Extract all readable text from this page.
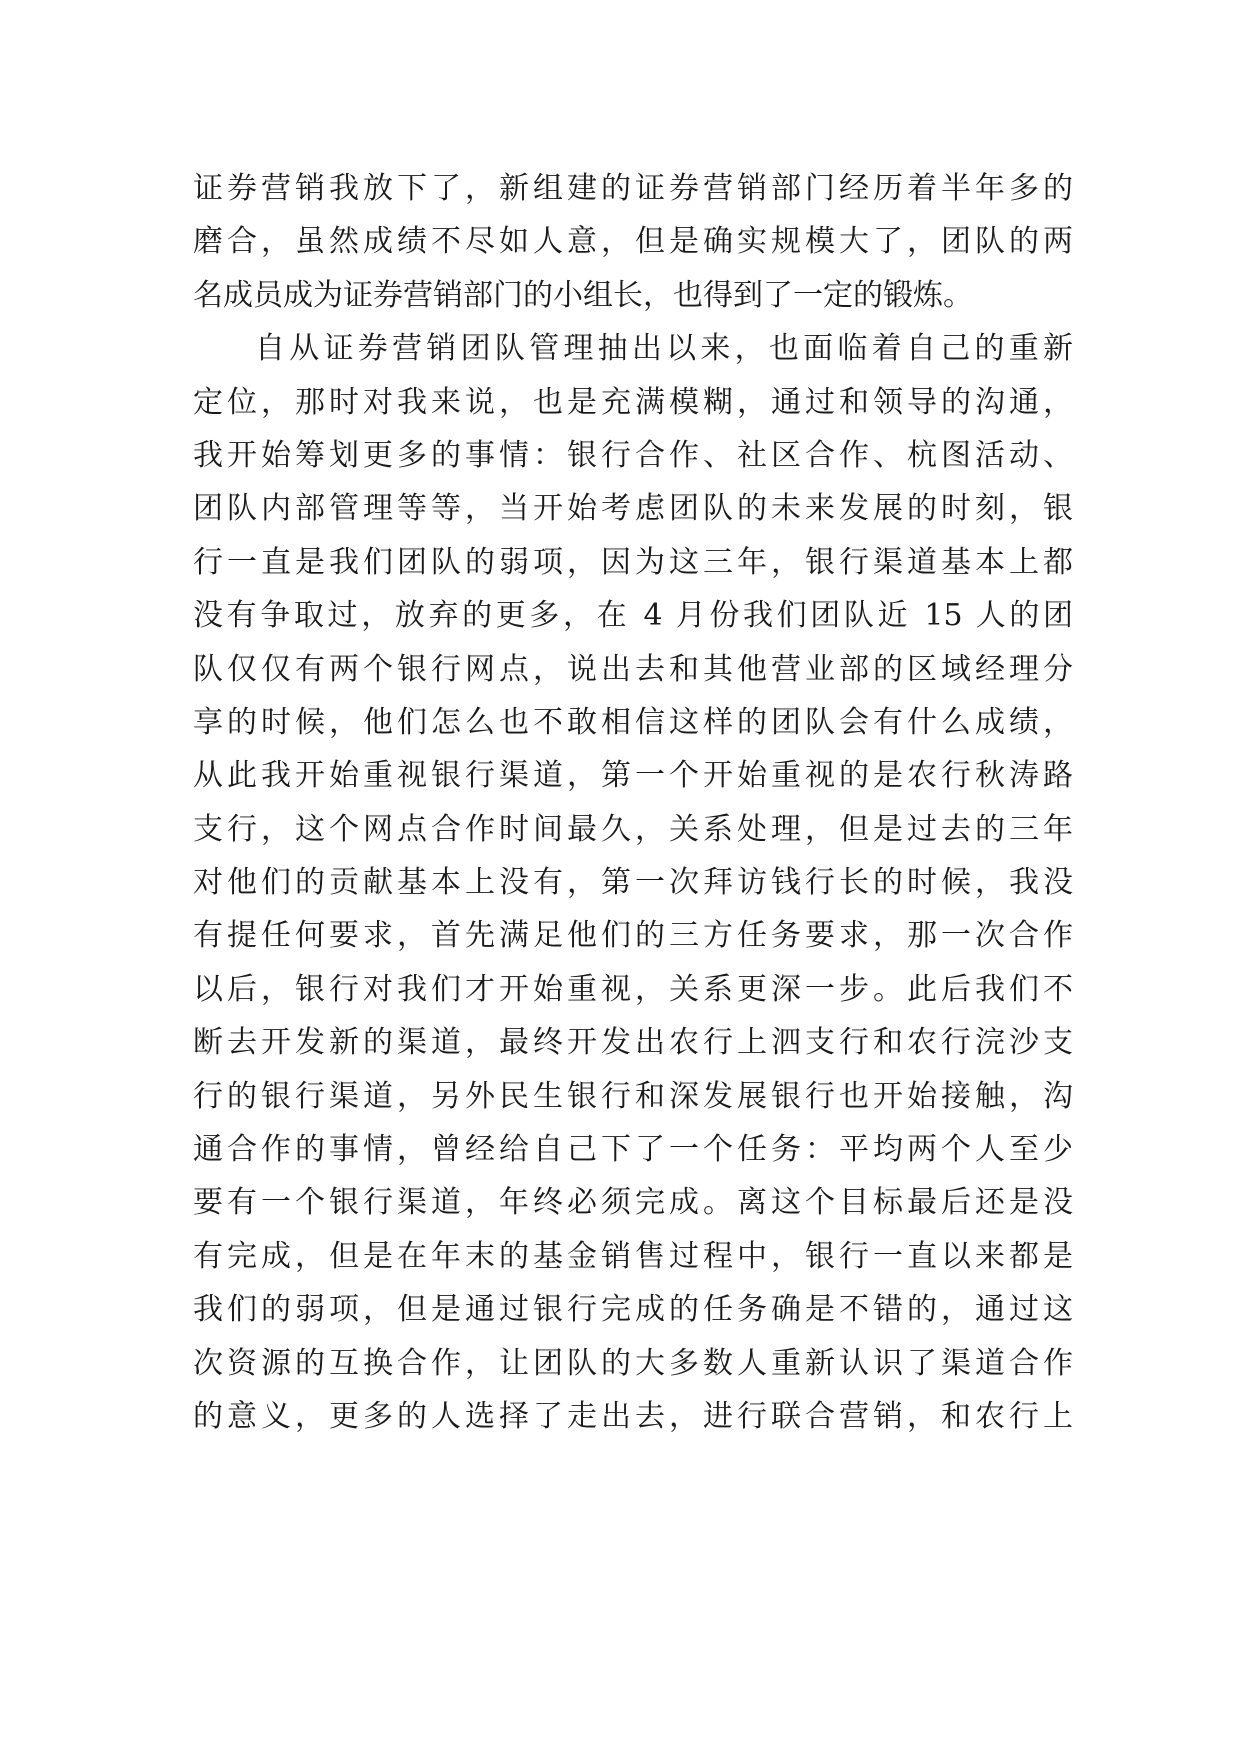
证券营销我放下了，新组建的证券营销部门经历着半年多的
磨合，虽然成绩不尽如人意，但是确实规模大了，团队的两
名成员成为证券营销部门的小组长，也得到了一定的锻炼。
自从证券营销团队管理抽出以来，也面临着自己的重新
定位，那时对我来说，也是充满模糊，通过和领导的沟通，
我开始筹划更多的事情：银行合作、社区合作、杭图活动、
团队内部管理等等，当开始考虑团队的未来发展的时刻，银
行一直是我们团队的弱项，因为这三年，银行渠道基本上都
没有争取过，放弃的更多，在 4 月份我们团队近 15 人的团
队仅仅有两个银行网点，说出去和其他营业部的区域经理分
享的时候，他们怎么也不敢相信这样的团队会有什么成绩，
从此我开始重视银行渠道，第一个开始重视的是农行秋涛路
支行，这个网点合作时间最久，关系处理，但是过去的三年
对他们的贡献基本上没有，第一次拜访钱行长的时候，我没
有提任何要求，首先满足他们的三方任务要求，那一次合作
以后，银行对我们才开始重视，关系更深一步。此后我们不
断去开发新的渠道，最终开发出农行上泗支行和农行浣沙支
行的银行渠道，另外民生银行和深发展银行也开始接触，沟
通合作的事情，曾经给自己下了一个任务：平均两个人至少
要有一个银行渠道，年终必须完成。离这个目标最后还是没
有完成，但是在年末的基金销售过程中，银行一直以来都是
我们的弱项，但是通过银行完成的任务确是不错的，通过这
次资源的互换合作，让团队的大多数人重新认识了渠道合作
的意义，更多的人选择了走出去，进行联合营销，和农行上
